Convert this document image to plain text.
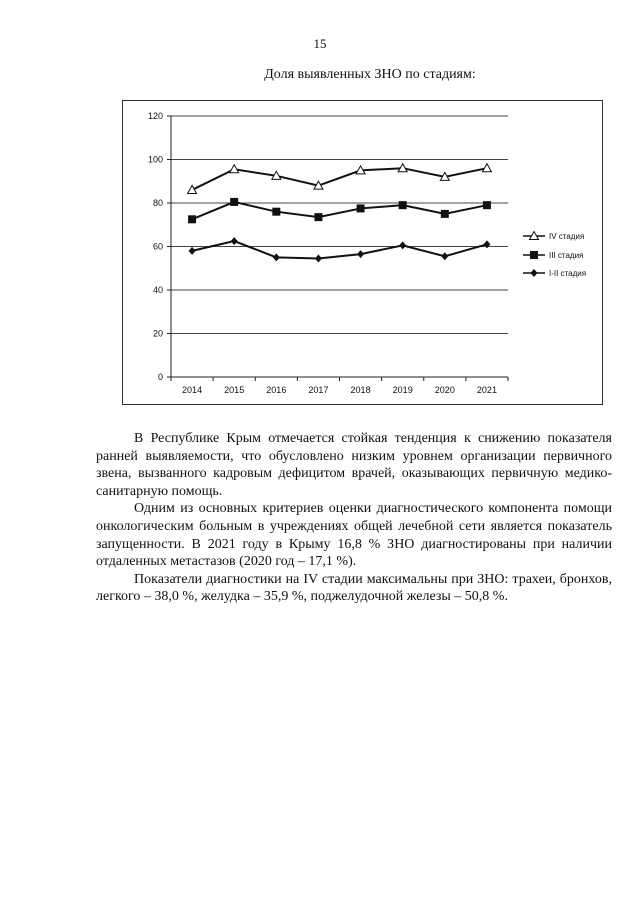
15
Доля выявленных ЗНО по стадиям:
0
20
40
60
80
100
120
2014 2015 2016 2017 2018 2019 2020 2021
IV стадия
III стадия
I-II стадия

В Республике Крым отмечается стойкая тенденция к снижению показателя ранней выявляемости, что обусловлено низким уровнем организации первичного звена, вызванного кадровым дефицитом врачей, оказывающих первичную медико-санитарную помощь.

Одним из основных критериев оценки диагностического компонента помощи онкологическим больным в учреждениях общей лечебной сети является показатель запущенности. В 2021 году в Крыму 16,8 % ЗНО диагностированы при наличии отдаленных метастазов (2020 год – 17,1 %).

Показатели диагностики на IV стадии максимальны при ЗНО: трахеи, бронхов, легкого – 38,0 %, желудка – 35,9 %, поджелудочной железы – 50,8 %.
